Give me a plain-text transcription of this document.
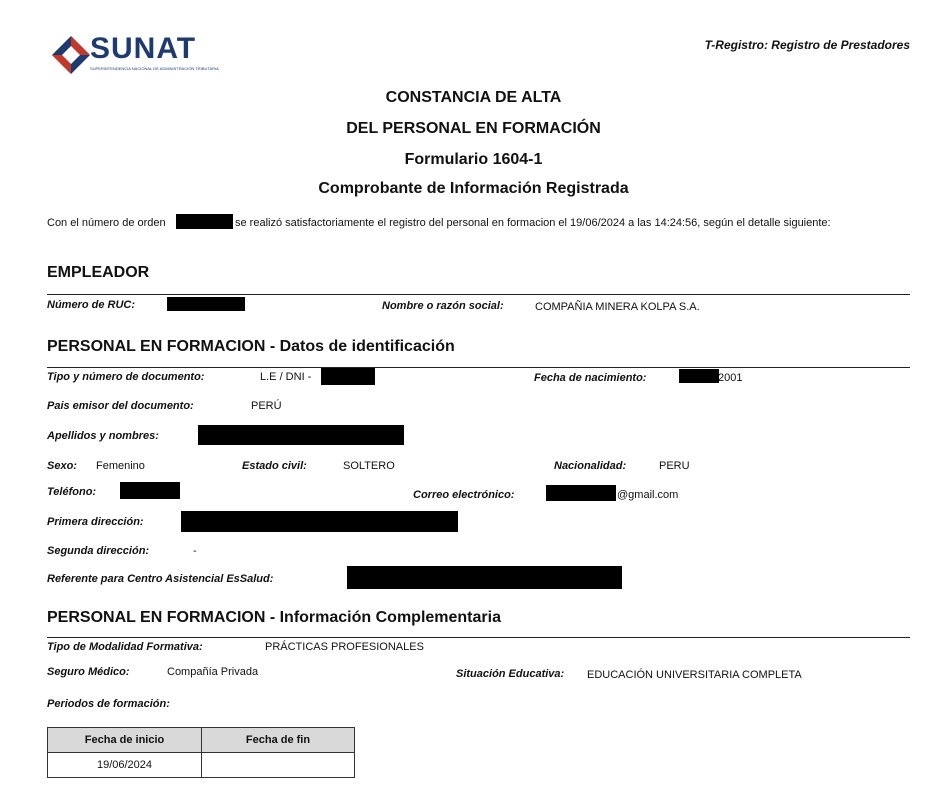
SUNAT
SUPERINTENDENCIA NACIONAL DE ADMINISTRACIÓN TRIBUTARIA
T-Registro: Registro de Prestadores
CONSTANCIA DE ALTA
DEL PERSONAL EN FORMACIÓN
Formulario 1604-1
Comprobante de Información Registrada
Con el número de orden	se realizó satisfactoriamente el registro del personal en formacion el 19/06/2024 a las 14:24:56, según el detalle siguiente:
EMPLEADOR
Número de RUC:	Nombre o razón social:	COMPAÑIA MINERA KOLPA S.A.
PERSONAL EN FORMACION - Datos de identificación
Tipo y número de documento:	L.E / DNI -	Fecha de nacimiento:	2001
Pais emisor del documento:	PERÚ
Apellidos y nombres:
Sexo: Femenino	Estado civil:	SOLTERO	Nacionalidad:	PERU
Teléfono:	Correo electrónico:	@gmail.com
Primera dirección:
Segunda dirección:	-
Referente para Centro Asistencial EsSalud:
PERSONAL EN FORMACION - Información Complementaria
Tipo de Modalidad Formativa:	PRÁCTICAS PROFESIONALES
Seguro Médico:	Compañía Privada	Situación Educativa: EDUCACIÓN UNIVERSITARIA COMPLETA
Periodos de formación:
Fecha de inicio	Fecha de fin
19/06/2024	
